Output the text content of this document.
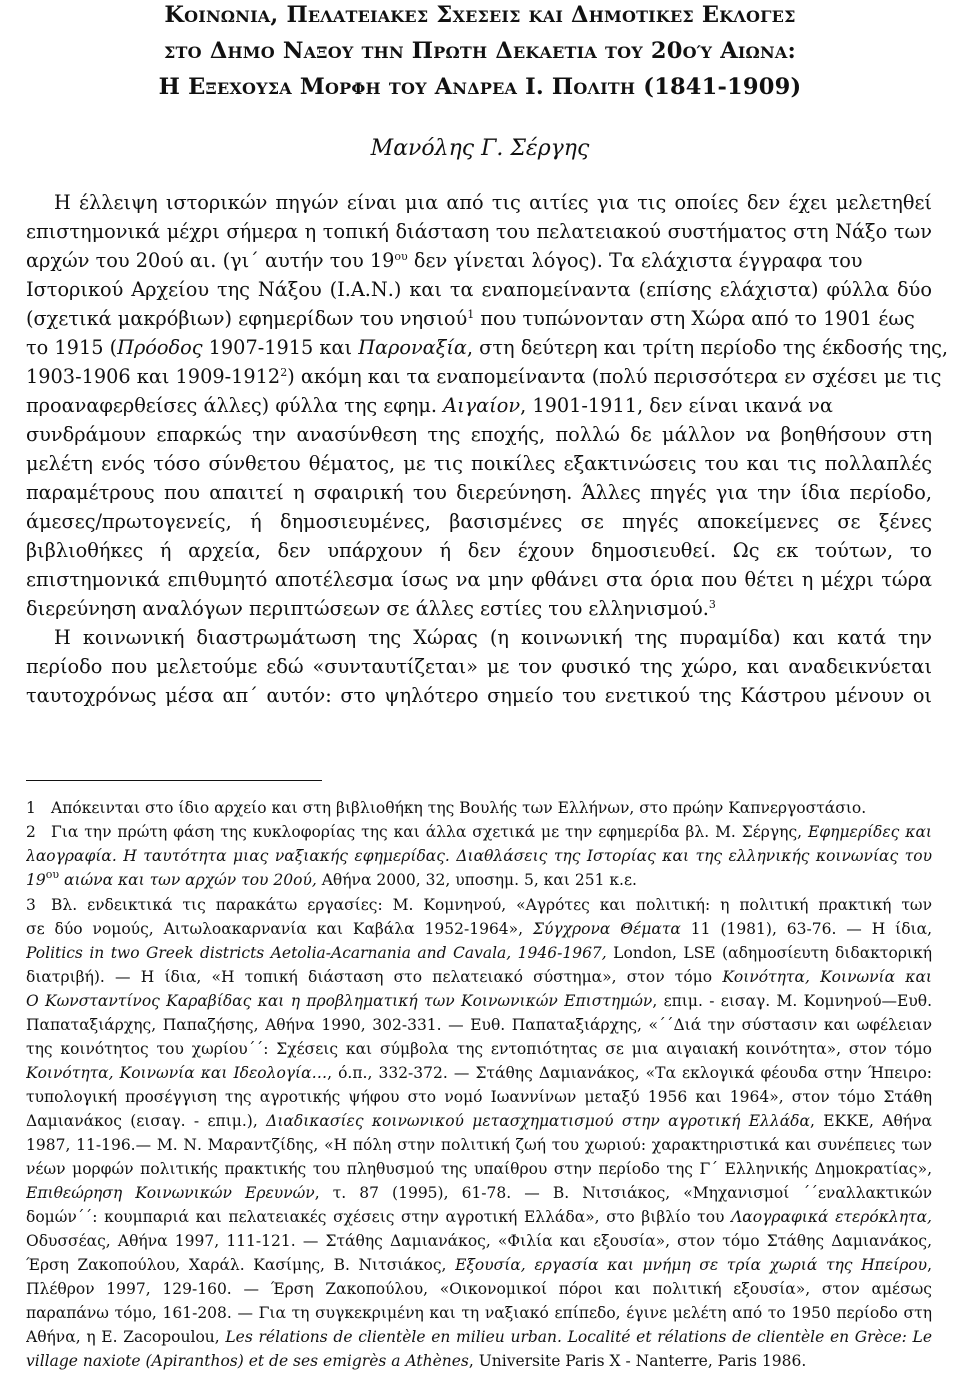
Κοινωνια, Πελατειακες Σχεσεις και Δημοτικες Εκλογες

στο Δημο Ναξου την Πρωτη Δεκαετια του 20ού Αιωνα:

Η Εξεχουσα Μορφη του Ανδρεα Ι. Πολιτη (1841-1909)

Μανόλης Γ. Σέργης

Η έλλειψη ιστορικών πηγών είναι μια από τις αιτίες για τις οποίες δεν έχει μελετηθεί

επιστημονικά μέχρι σήμερα η τοπική διάσταση του πελατειακού συστήματος στη Νάξο των

αρχών του 20ού αι. (γι΄ αυτήν του $19^{o\upsilon}$ δεν γίνεται λόγος). Τα ελάχιστα έγγραφα του

Ιστορικού Αρχείου της Νάξου (Ι.Α.Ν.) και τα εναπομείναντα (επίσης ελάχιστα) φύλλα δύο

(σχετικά μακρόβιων) εφημερίδων του νησιού$^1$ που τυπώνονταν στη Χώρα από το 1901 έως

το 1915 (Πρόοδος 1907-1915 και Παροναξία, στη δεύτερη και τρίτη περίοδο της έκδοσής της,

1903-1906 και 1909-1912$^2$) ακόμη και τα εναπομείναντα (πολύ περισσότερα εν σχέσει με τις

προαναφερθείσες άλλες) φύλλα της εφημ. Αιγαίον, 1901-1911, δεν είναι ικανά να

συνδράμουν επαρκώς την ανασύνθεση της εποχής, πολλώ δε μάλλον να βοηθήσουν στη

μελέτη ενός τόσο σύνθετου θέματος, με τις ποικίλες εξακτινώσεις του και τις πολλαπλές

παραμέτρους που απαιτεί η σφαιρική του διερεύνηση. Άλλες πηγές για την ίδια περίοδο,

άμεσες/πρωτογενείς, ή δημοσιευμένες, βασισμένες σε πηγές αποκείμενες σε ξένες

βιβλιοθήκες ή αρχεία, δεν υπάρχουν ή δεν έχουν δημοσιευθεί. Ως εκ τούτων, το

επιστημονικά επιθυμητό αποτέλεσμα ίσως να μην φθάνει στα όρια που θέτει η μέχρι τώρα

διερεύνηση αναλόγων περιπτώσεων σε άλλες εστίες του ελληνισμού.$^3$

Η κοινωνική διαστρωμάτωση της Χώρας (η κοινωνική της πυραμίδα) και κατά την

περίοδο που μελετούμε εδώ «συνταυτίζεται» με τον φυσικό της χώρο, και αναδεικνύεται

ταυτοχρόνως μέσα απ΄ αυτόν: στο ψηλότερο σημείο του ενετικού της Κάστρου μένουν οι

1 Απόκεινται στο ίδιο αρχείο και στη βιβλιοθήκη της Βουλής των Ελλήνων, στο πρώην Καπνεργοστάσιο.
2 Για την πρώτη φάση της κυκλοφορίας της και άλλα σχετικά με την εφημερίδα βλ. Μ. Σέργης, Εφημερίδες και

λαογραφία. Η ταυτότητα μιας ναξιακής εφημερίδας. Διαθλάσεις της Ιστορίας και της ελληνικής κοινωνίας του

$19^{o\upsilon}$ αιώνα και των αρχών του 20ού, Αθήνα 2000, 32, υποσημ. 5, και 251 κ.ε.

3 Βλ. ενδεικτικά τις παρακάτω εργασίες: Μ. Κομνηνού, «Αγρότες και πολιτική: η πολιτική πρακτική των

σε δύο νομούς, Αιτωλοακαρνανία και Καβάλα 1952-1964», Σύγχρονα Θέματα 11 (1981), 63-76. — Η ίδια,

Politics in two Greek districts Aetolia-Acarnania and Cavala, 1946-1967, London, LSE (αδημοσίευτη διδακτορική

διατριβή). — Η ίδια, «Η τοπική διάσταση στο πελατειακό σύστημα», στον τόμο Κοινότητα, Κοινωνία και

Ο Κωνσταντίνος Καραβίδας και η προβληματική των Κοινωνικών Επιστημών, επιμ. - εισαγ. Μ. Κομνηνού—Ευθ.

Παπαταξιάρχης, Παπαζήσης, Αθήνα 1990, 302-331. — Ευθ. Παπαταξιάρχης, «΄΄Διά την σύστασιν και ωφέλειαν

της κοινότητος του χωρίου΄΄: Σχέσεις και σύμβολα της εντοπιότητας σε μια αιγαιακή κοινότητα», στον τόμο

Κοινότητα, Κοινωνία και Ιδεολογία…, ό.π., 332-372. — Στάθης Δαμιανάκος, «Τα εκλογικά φέουδα στην Ήπειρο:

τυπολογική προσέγγιση της αγροτικής ψήφου στο νομό Ιωαννίνων μεταξύ 1956 και 1964», στον τόμο Στάθη

Δαμιανάκος (εισαγ. - επιμ.), Διαδικασίες κοινωνικού μετασχηματισμού στην αγροτική Ελλάδα, ΕΚΚΕ, Αθήνα

1987, 11-196.— Μ. Ν. Μαραντζίδης, «Η πόλη στην πολιτική ζωή του χωριού: χαρακτηριστικά και συνέπειες των

νέων μορφών πολιτικής πρακτικής του πληθυσμού της υπαίθρου στην περίοδο της Γ΄ Ελληνικής Δημοκρατίας»,

Επιθεώρηση Κοινωνικών Ερευνών, τ. 87 (1995), 61-78. — Β. Νιτσιάκος, «Μηχανισμοί ΄΄εναλλακτικών

δομών΄΄: κουμπαριά και πελατειακές σχέσεις στην αγροτική Ελλάδα», στο βιβλίο του Λαογραφικά ετερόκλητα,

Οδυσσέας, Αθήνα 1997, 111-121. — Στάθης Δαμιανάκος, «Φιλία και εξουσία», στον τόμο Στάθης Δαμιανάκος,

Έρση Ζακοπούλου, Χαράλ. Κασίμης, Β. Νιτσιάκος, Εξουσία, εργασία και μνήμη σε τρία χωριά της Ηπείρου,

Πλέθρον 1997, 129-160. — Έρση Ζακοπούλου, «Οικονομικοί πόροι και πολιτική εξουσία», στον αμέσως

παραπάνω τόμο, 161-208. — Για τη συγκεκριμένη και τη ναξιακό επίπεδο, έγινε μελέτη από το 1950 περίοδο στη

Αθήνα, η E. Zacopoulou, Les rélations de clientèle en milieu urban. Localité et rélations de clientèle en Grèce: Le

village naxiote (Apiranthos) et de ses emigrès a Athènes, Universite Paris X - Nanterre, Paris 1986.
